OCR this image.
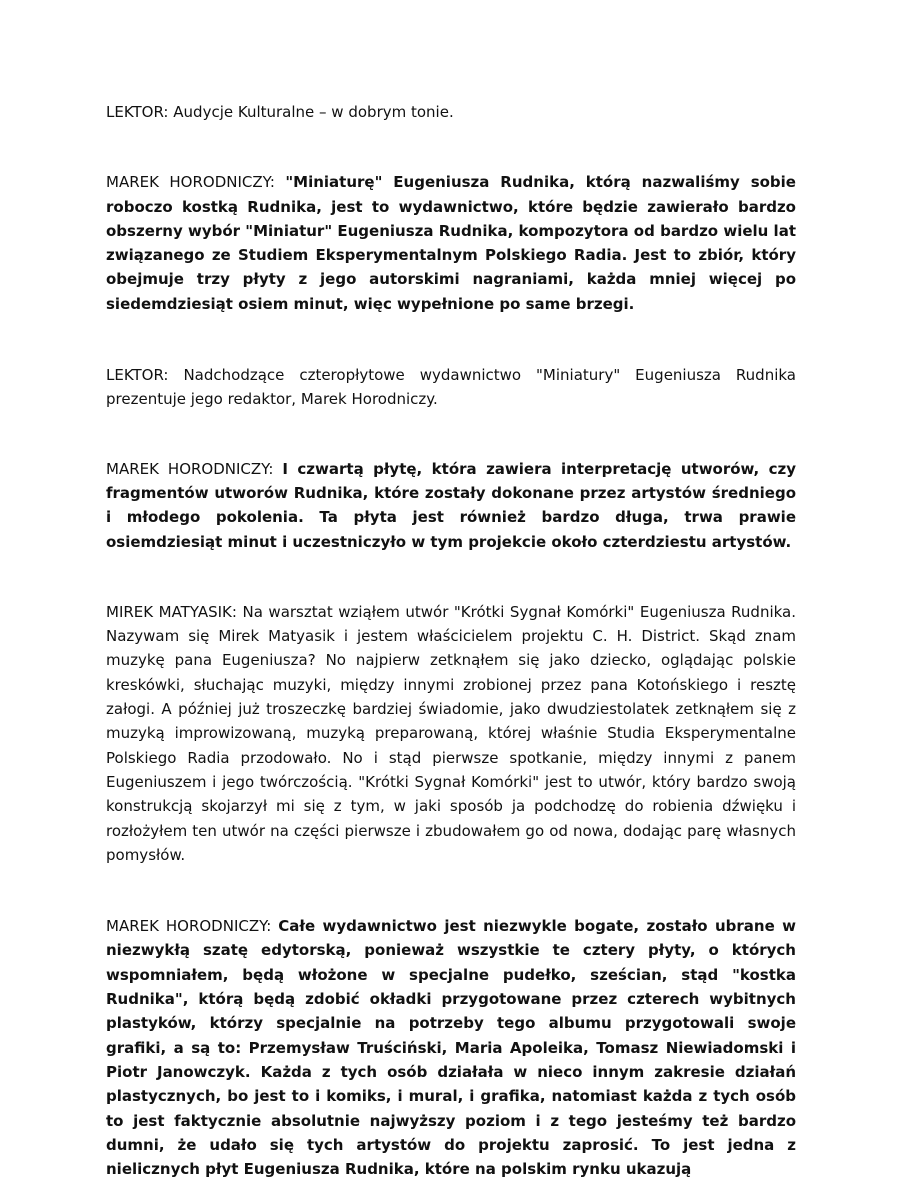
LEKTOR: Audycje Kulturalne – w dobrym tonie.

MAREK HORODNICZY: "Miniaturę" Eugeniusza Rudnika, którą nazwaliśmy sobie roboczo kostką Rudnika, jest to wydawnictwo, które będzie zawierało bardzo obszerny wybór "Miniatur" Eugeniusza Rudnika, kompozytora od bardzo wielu lat związanego ze Studiem Eksperymentalnym Polskiego Radia. Jest to zbiór, który obejmuje trzy płyty z jego autorskimi nagraniami, każda mniej więcej po siedemdziesiąt osiem minut, więc wypełnione po same brzegi.

LEKTOR: Nadchodzące czteropłytowe wydawnictwo "Miniatury" Eugeniusza Rudnika prezentuje jego redaktor, Marek Horodniczy.

MAREK HORODNICZY: I czwartą płytę, która zawiera interpretację utworów, czy fragmentów utworów Rudnika, które zostały dokonane przez artystów średniego i młodego pokolenia. Ta płyta jest również bardzo długa, trwa prawie osiemdziesiąt minut i uczestniczyło w tym projekcie około czterdziestu artystów.

MIREK MATYASIK: Na warsztat wziąłem utwór "Krótki Sygnał Komórki" Eugeniusza Rudnika. Nazywam się Mirek Matyasik i jestem właścicielem projektu C. H. District. Skąd znam muzykę pana Eugeniusza? No najpierw zetknąłem się jako dziecko, oglądając polskie kreskówki, słuchając muzyki, między innymi zrobionej przez pana Kotońskiego i resztę załogi. A później już troszeczkę bardziej świadomie, jako dwudziestolatek zetknąłem się z muzyką improwizowaną, muzyką preparowaną, której właśnie Studia Eksperymentalne Polskiego Radia przodowało. No i stąd pierwsze spotkanie, między innymi z panem Eugeniuszem i jego twórczością. "Krótki Sygnał Komórki" jest to utwór, który bardzo swoją konstrukcją skojarzył mi się z tym, w jaki sposób ja podchodzę do robienia dźwięku i rozłożyłem ten utwór na części pierwsze i zbudowałem go od nowa, dodając parę własnych pomysłów.

MAREK HORODNICZY: Całe wydawnictwo jest niezwykle bogate, zostało ubrane w niezwykłą szatę edytorską, ponieważ wszystkie te cztery płyty, o których wspomniałem, będą włożone w specjalne pudełko, sześcian, stąd "kostka Rudnika", którą będą zdobić okładki przygotowane przez czterech wybitnych plastyków, którzy specjalnie na potrzeby tego albumu przygotowali swoje grafiki, a są to: Przemysław Truściński, Maria Apoleika, Tomasz Niewiadomski i Piotr Janowczyk. Każda z tych osób działała w nieco innym zakresie działań plastycznych, bo jest to i komiks, i mural, i grafika, natomiast każda z tych osób to jest faktycznie absolutnie najwyższy poziom i z tego jesteśmy też bardzo dumni, że udało się tych artystów do projektu zaprosić. To jest jedna z nielicznych płyt Eugeniusza Rudnika, które na polskim rynku ukazują
